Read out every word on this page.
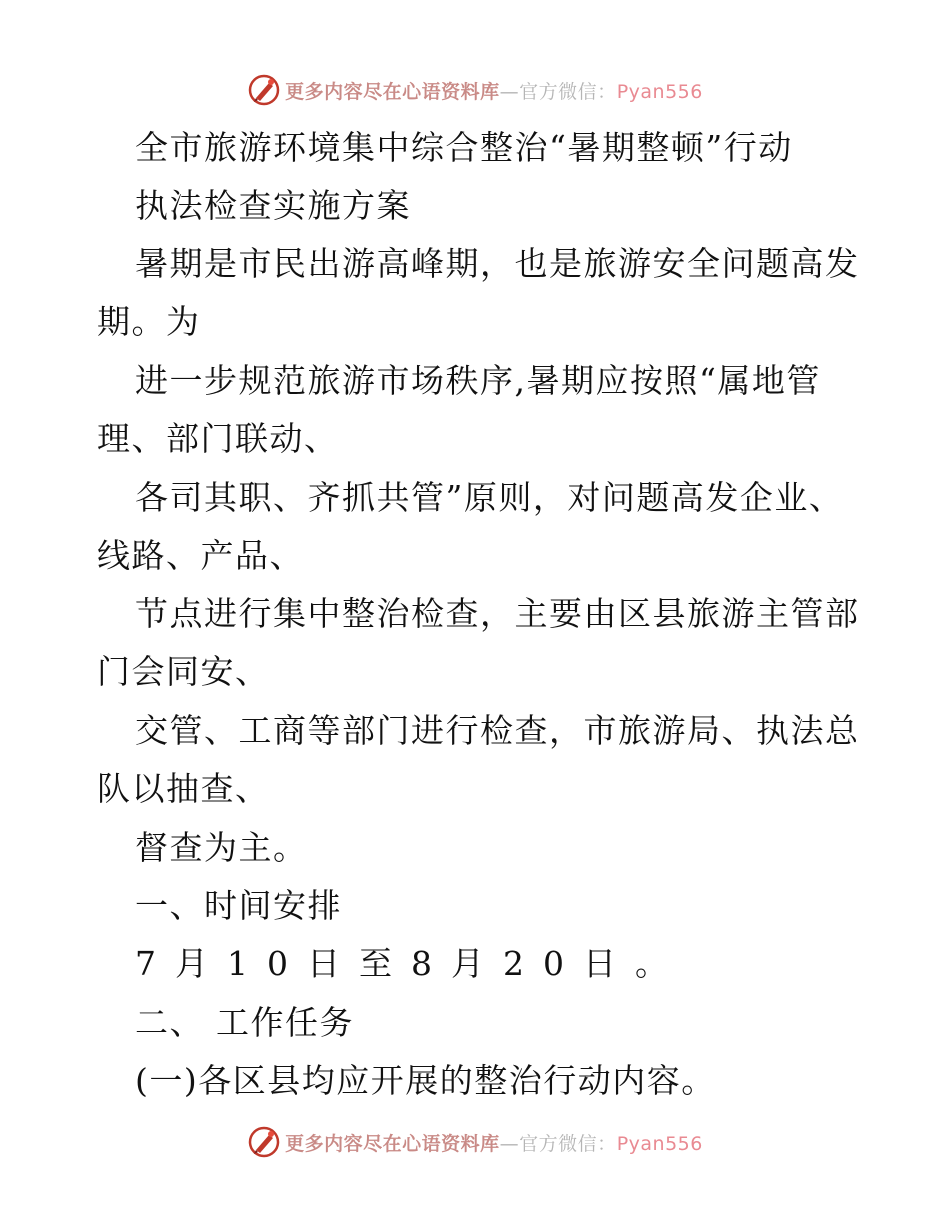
更多内容尽在心语资料库—官方微信：Pyan556
全市旅游环境集中综合整治“暑期整顿”行动
执法检查实施方案
暑期是市民出游高峰期，也是旅游安全问题高发
期。为
进一步规范旅游市场秩序,暑期应按照“属地管
理、部门联动、
各司其职、齐抓共管”原则，对问题高发企业、
线路、产品、
节点进行集中整治检查，主要由区县旅游主管部
门会同安、
交管、工商等部门进行检查，市旅游局、执法总
队以抽查、
督查为主。
一、时间安排
7月10日至8月20日。
二、 工作任务
(一)各区县均应开展的整治行动内容。
更多内容尽在心语资料库—官方微信：Pyan556
